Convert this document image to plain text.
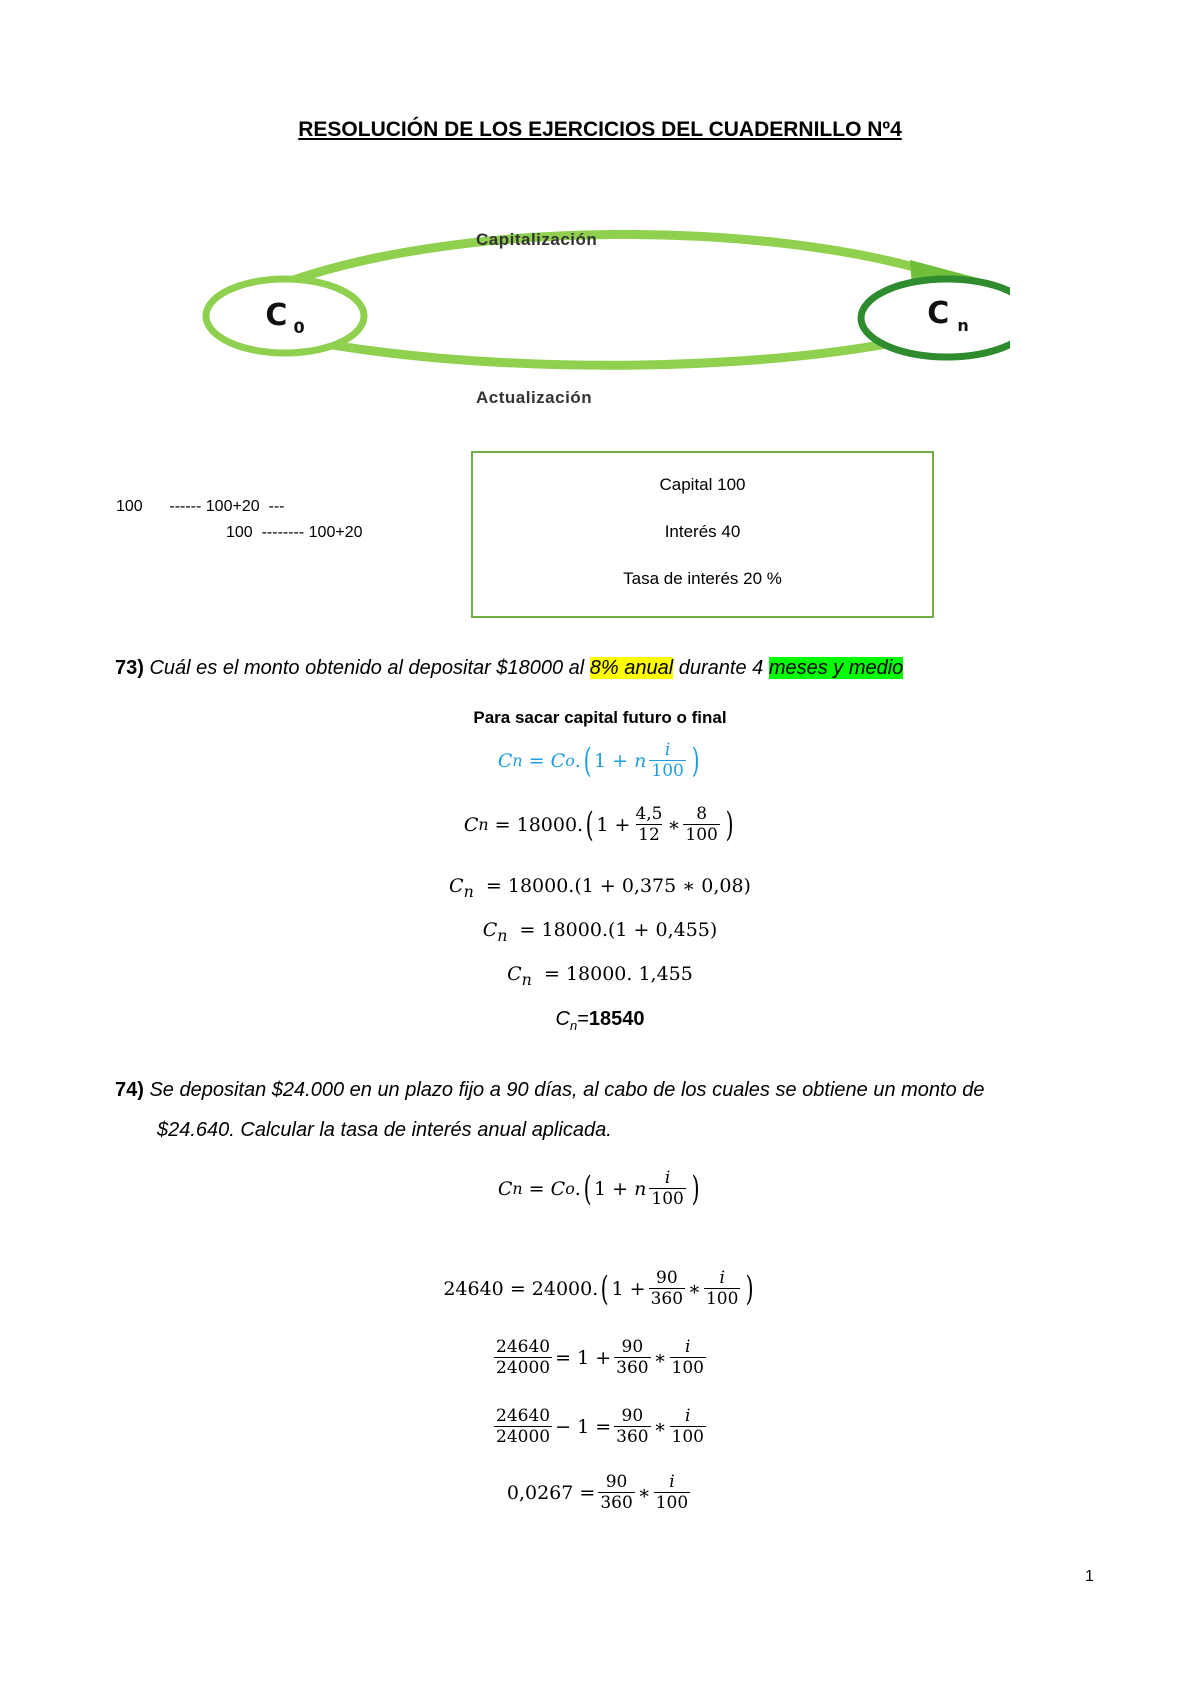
RESOLUCIÓN DE LOS EJERCICIOS DEL CUADERNILLO Nº4
C $_0$	C $_n$
Capitalización
Actualización
100      ------ 100+20  ---
100  -------- 100+20
Capital 100
Interés 40
Tasa de interés 20 %
73) Cuál es el monto obtenido al depositar $18000 al 8% anual durante 4 meses y medio
Para sacar capital futuro o final
C n
=
C o . ( 1 +
n $\frac{i}{100}$ )
C n
=
18000. ( $1 + \frac{4,5}{12}$ ∗ $\frac{8}{100}$ )
$C_n = 18000.(1 + 0,375$ ∗ 0,08)
$C_n = 18000.(1 + 0,455)$
$C_n = 18000$. 1,455
$C_n=18540$
74) Se depositan $24.000 en un plazo fijo a 90 días, al cabo de los cuales se obtiene un monto de
$24.640. Calcular la tasa de interés anual aplicada.
C n
=
C o . ( 1 +
n $\frac{i}{100}$ )
24640
=
24000. ( $1 + \frac{90}{360}$ ∗ $\frac{i}{100}$ )
$\frac{24640}{24000} = 1 + \frac{90}{360}$ ∗ $\frac{i}{100}$
$\frac{24640}{24000} - 1 = \frac{90}{360}$ ∗ $\frac{i}{100}$
$0,0267 = \frac{90}{360}$ ∗ $\frac{i}{100}$
1
